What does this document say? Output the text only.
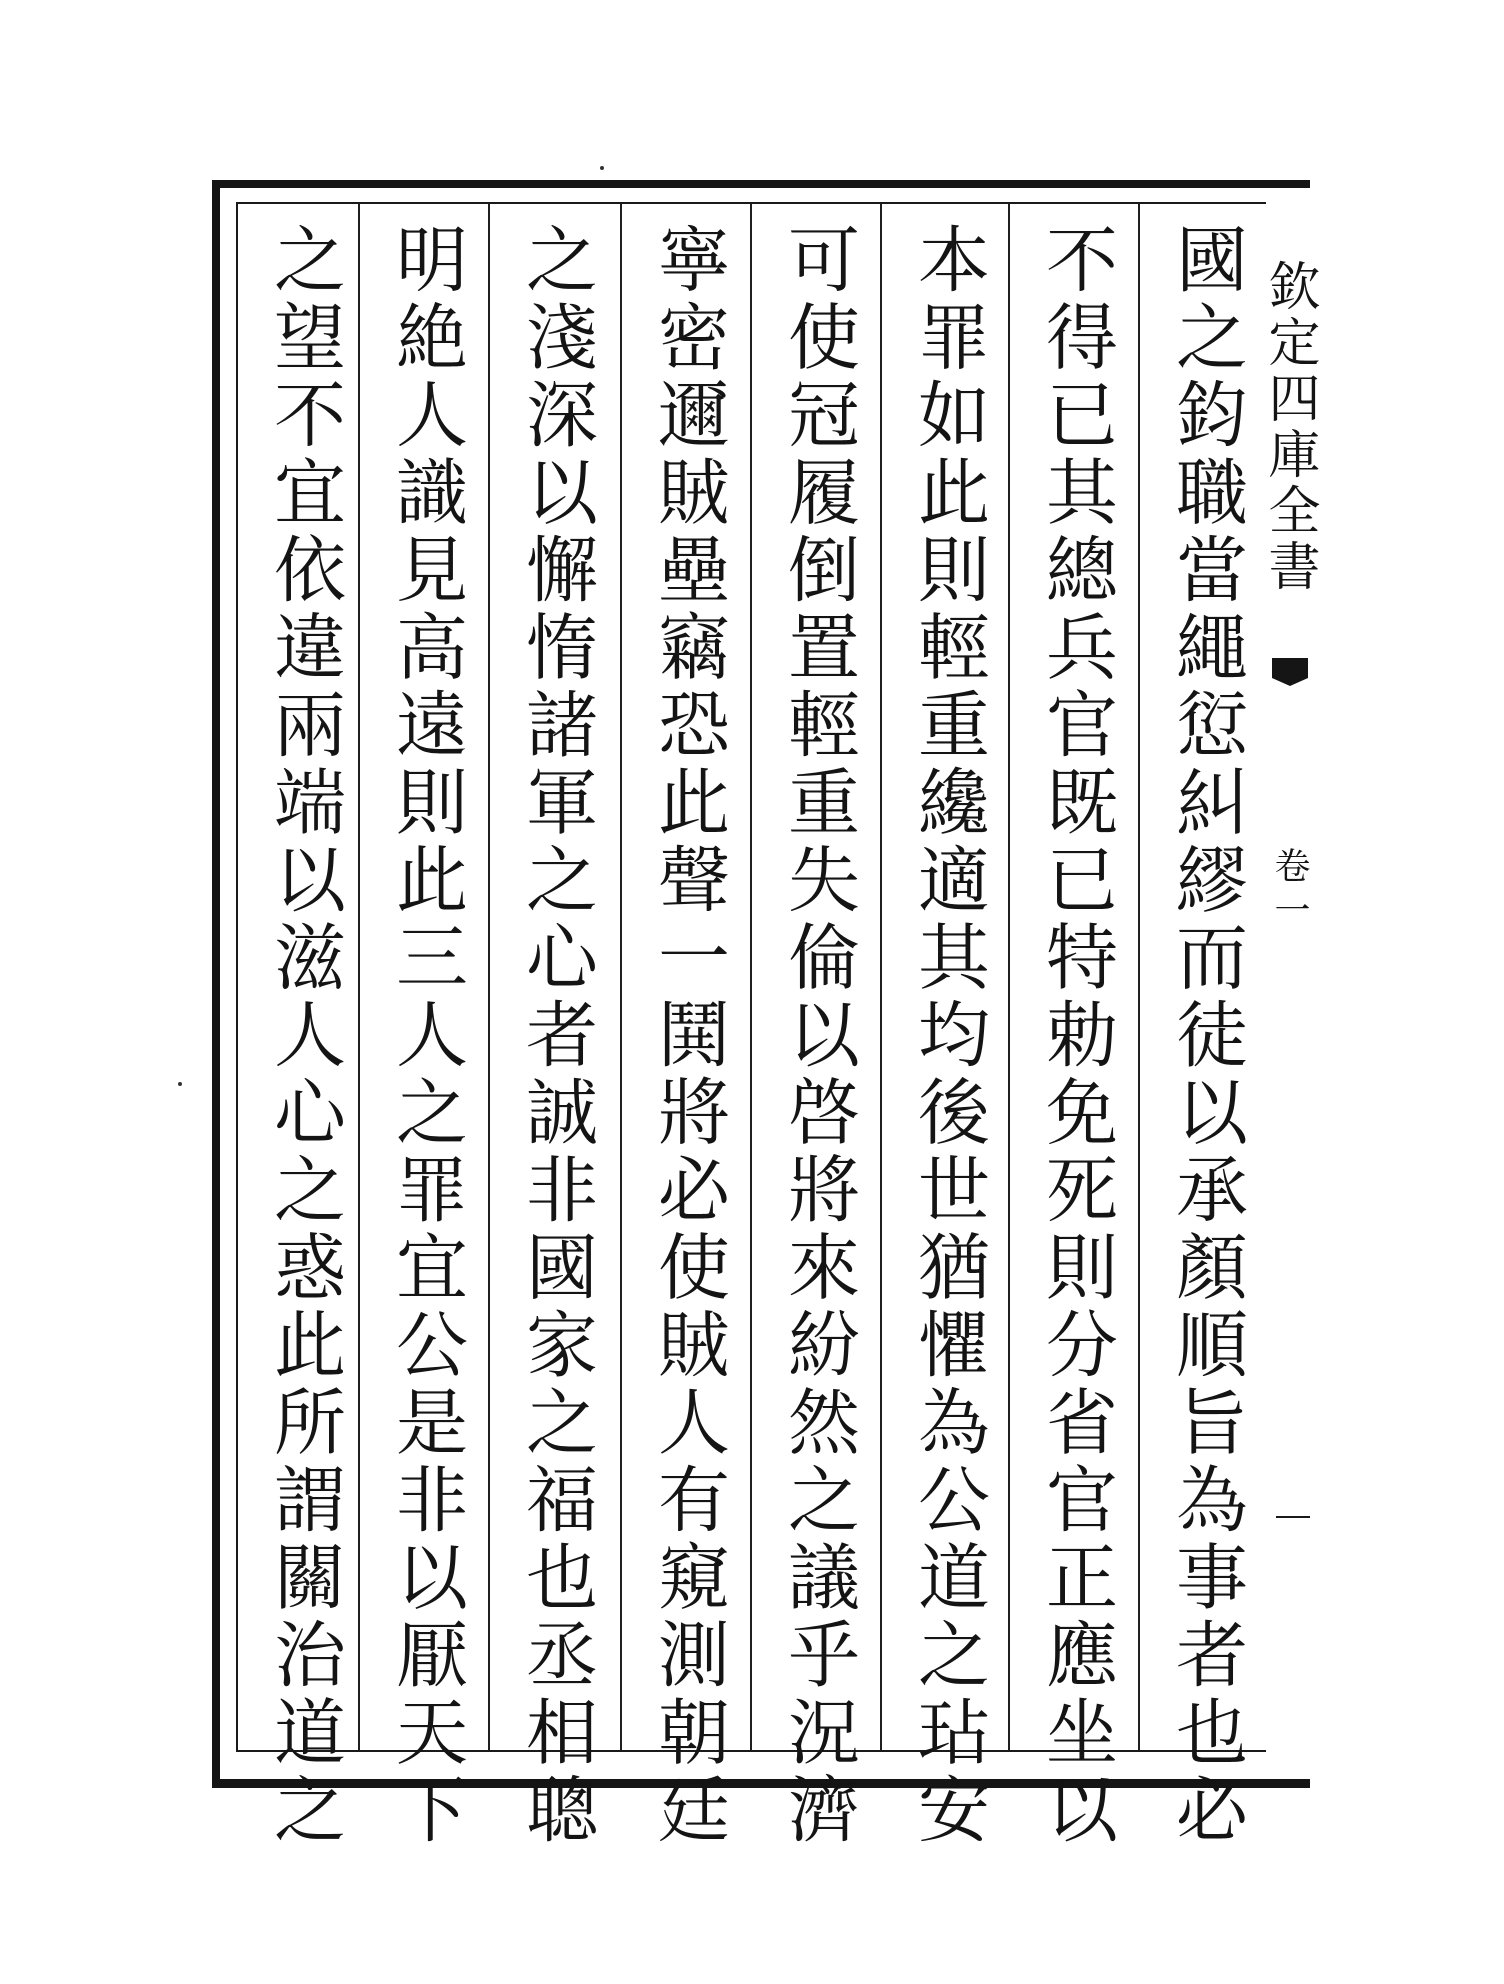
國之鈞職當繩愆糾繆而徒以承顏順旨為事者也必
不得已其總兵官既已特勅免死則分省官正應坐以
本罪如此則輕重纔適其均後世猶懼為公道之玷安
可使冠履倒置輕重失倫以啓將來紛然之議乎況濟
寧密邇賊壘竊恐此聲一鬨將必使賊人有窺測朝廷
之淺深以懈惰諸軍之心者誠非國家之福也丞相聰
明絶人識見高遠則此三人之罪宜公是非以厭天下
之望不宜依違兩端以滋人心之惑此所謂關治道之	欽定四庫全書
卷一
